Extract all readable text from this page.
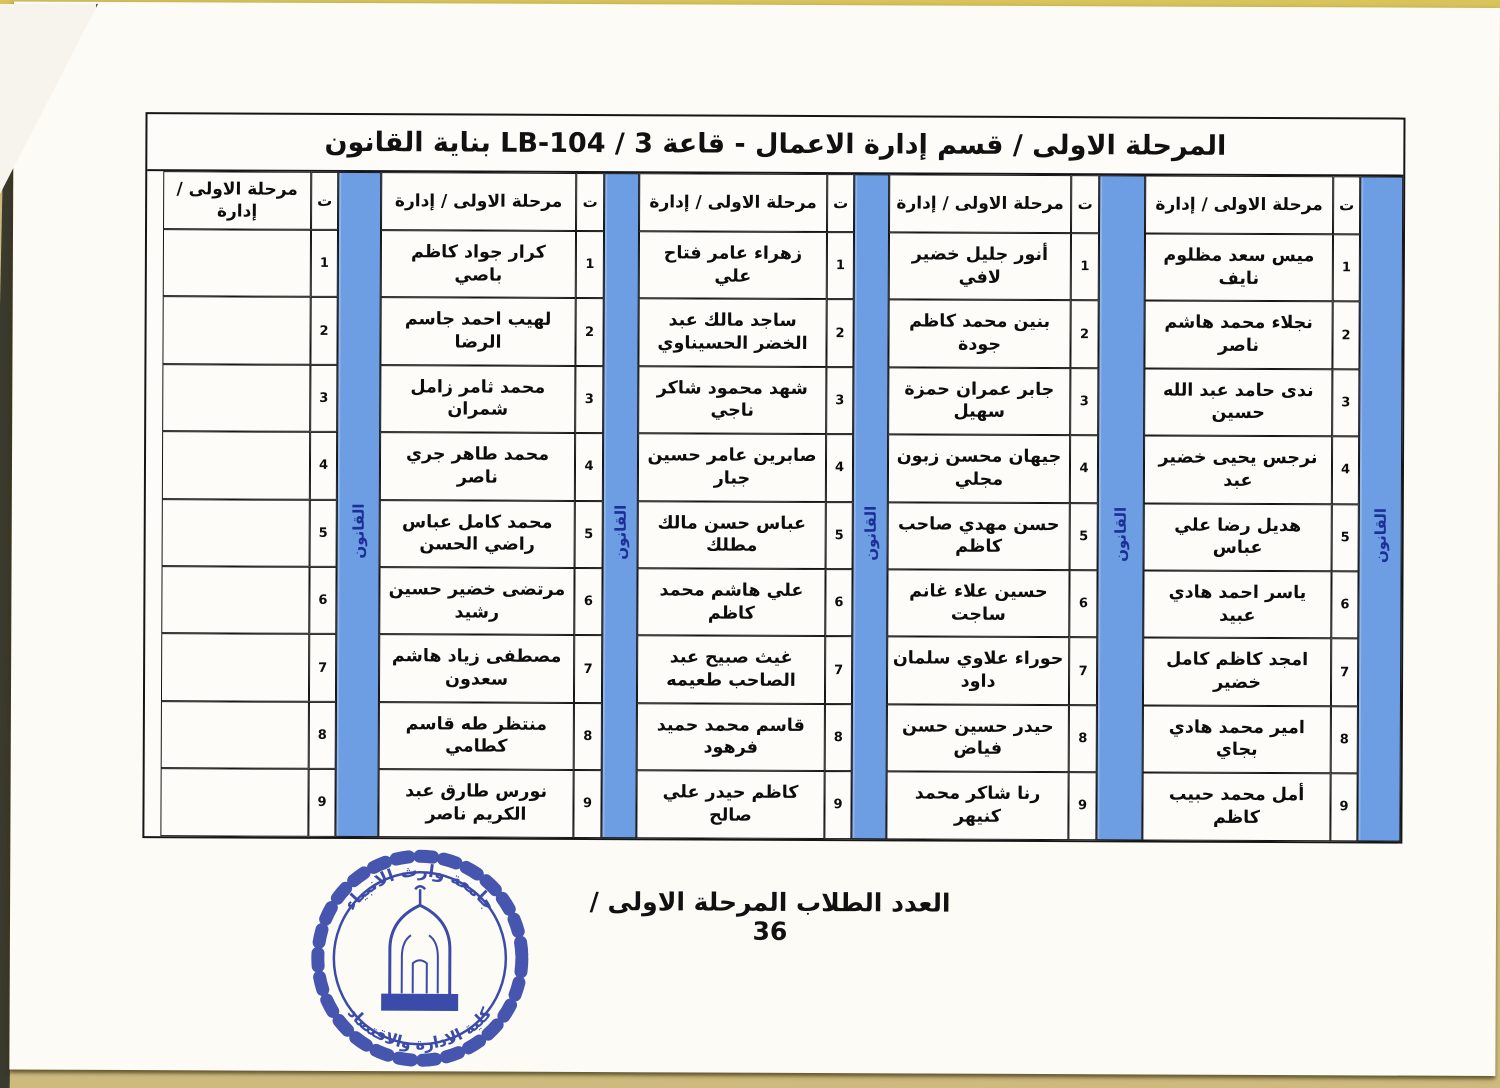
المرحلة الاولى / قسم إدارة الاعمال - قاعة 3 / LB-104 بناية القانون
القانون
ت
مرحلة الاولى / إدارة
1
ميس سعد مظلوم نايف
2
نجلاء محمد هاشم ناصر
3
ندى حامد عبد الله حسين
4
نرجس يحيى خضير عبد
5
هديل رضا علي عباس
6
ياسر احمد هادي عبيد
7
امجد كاظم كامل خضير
8
امير محمد هادي بجاي
9
أمل محمد حبيب كاظم
القانون
ت
مرحلة الاولى / إدارة
1
أنور جليل خضير لافي
2
بنين محمد كاظم جودة
3
جابر عمران حمزة سهيل
4
جيهان محسن زبون مجلي
5
حسن مهدي صاحب كاظم
6
حسين علاء غانم ساجت
7
حوراء علاوي سلمان داود
8
حيدر حسين حسن فياض
9
رنا شاكر محمد كنيهر
القانون
ت
مرحلة الاولى / إدارة
1
زهراء عامر فتاح علي
2
ساجد مالك عبد الخضر الحسيناوي
3
شهد محمود شاكر ناجي
4
صابرين عامر حسين جبار
5
عباس حسن مالك مطلك
6
علي هاشم محمد كاظم
7
غيث صبيح عبد الصاحب طعيمه
8
قاسم محمد حميد فرهود
9
كاظم حيدر علي صالح
القانون
ت
مرحلة الاولى / إدارة
1
كرار جواد كاظم باصي
2
لهيب احمد جاسم الرضا
3
محمد ثامر زامل شمران
4
محمد طاهر جري ناصر
5
محمد كامل عباس راضي الحسن
6
مرتضى خضير حسين رشيد
7
مصطفى زياد هاشم سعدون
8
منتظر طه قاسم كطامي
9
نورس طارق عبد الكريم ناصر
القانون
ت
مرحلة الاولى / إدارة
1
2
3
4
5
6
7
8
9
العدد الطلاب المرحلة الاولى / 36
جامعة وارث الانبياء
كلية الادارة والاقتصاد
